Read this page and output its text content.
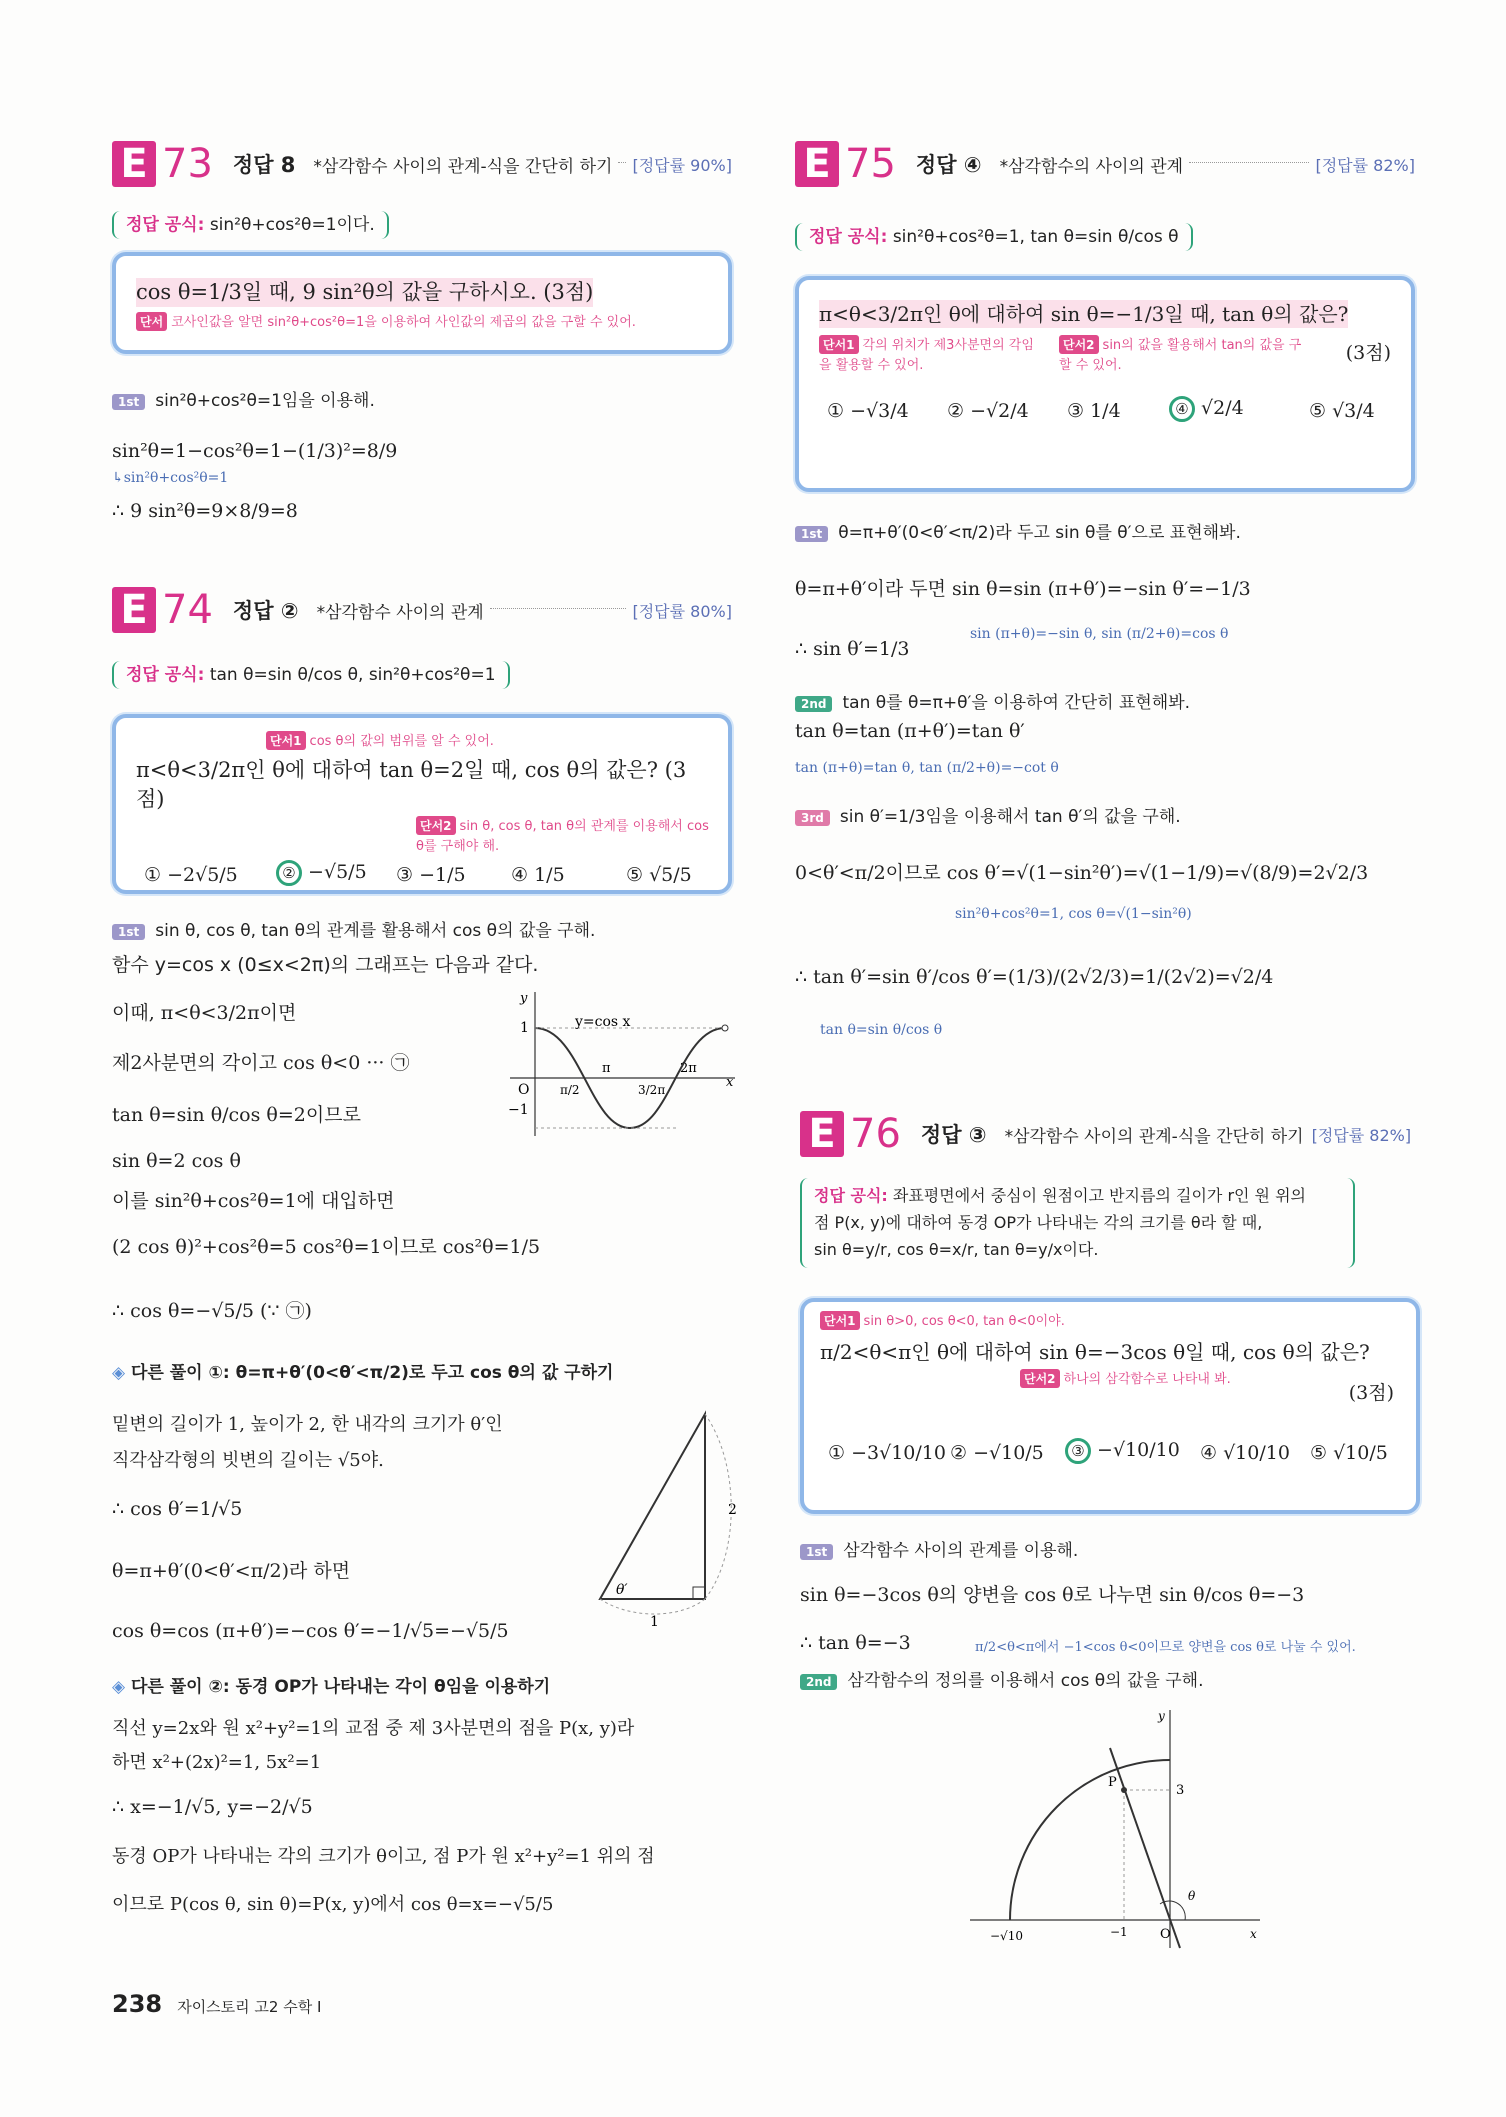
E 73 정답 8 *삼각함수 사이의 관계-식을 간단히 하기 [정답률 90%]
정답 공식: sin²θ+cos²θ=1이다.
cos θ=1/3일 때, 9 sin²θ의 값을 구하시오. (3점)
단서 코사인값을 알면 sin²θ+cos²θ=1을 이용하여 사인값의 제곱의 값을 구할 수 있어.
1st sin²θ+cos²θ=1임을 이용해.
sin²θ=1−cos²θ=1−(1/3)²=8/9
↳sin²θ+cos²θ=1
∴ 9 sin²θ=9×8/9=8
E 74 정답 ② *삼각함수 사이의 관계	[정답률 80%]
정답 공식: tan θ=sin θ/cos θ, sin²θ+cos²θ=1
단서1 cos θ의 값의 범위를 알 수 있어.
π<θ<3/2π인 θ에 대하여 tan θ=2일 때, cos θ의 값은? (3점)
단서2 sin θ, cos θ, tan θ의 관계를 이용해서 cos θ를 구해야 해.
① −2√5/5	② −√5/5 ③ −1/5 ④ 1/5	⑤ √5/5
1st sin θ, cos θ, tan θ의 관계를 활용해서 cos θ의 값을 구해.
함수 y=cos x (0≤x<2π)의 그래프는 다음과 같다.
이때, π<θ<3/2π이면
제2사분면의 각이고 cos θ<0 ··· ㉠
tan θ=sin θ/cos θ=2이므로
sin θ=2 cos θ
이를 sin²θ+cos²θ=1에 대입하면
(2 cos θ)²+cos²θ=5 cos²θ=1이므로 cos²θ=1/5
∴ cos θ=−√5/5 (∵ ㉠)
y
x
y=cos x
O
1
−1
π/2
π
3/2π
2π
◈ 다른 풀이 ①: θ=π+θ′(0<θ′<π/2)로 두고 cos θ의 값 구하기
밑변의 길이가 1, 높이가 2, 한 내각의 크기가 θ′인
직각삼각형의 빗변의 길이는 √5야.
∴ cos θ′=1/√5
θ=π+θ′(0<θ′<π/2)라 하면
cos θ=cos (π+θ′)=−cos θ′=−1/√5=−√5/5
2
1
θ′
◈ 다른 풀이 ②: 동경 OP가 나타내는 각이 θ임을 이용하기
직선 y=2x와 원 x²+y²=1의 교점 중 제 3사분면의 점을 P(x, y)라
하면 x²+(2x)²=1, 5x²=1
∴ x=−1/√5, y=−2/√5
동경 OP가 나타내는 각의 크기가 θ이고, 점 P가 원 x²+y²=1 위의 점
이므로 P(cos θ, sin θ)=P(x, y)에서 cos θ=x=−√5/5
E 75 정답 ④ *삼각함수의 사이의 관계	[정답률 82%]
정답 공식: sin²θ+cos²θ=1, tan θ=sin θ/cos θ
π<θ<3/2π인 θ에 대하여 sin θ=−1/3일 때, tan θ의 값은?
단서1 각의 위치가 제3사분면의 각임을 활용할 수 있어.
단서2 sin의 값을 활용해서 tan의 값을 구할 수 있어.
(3점)
① −√3/4 ② −√2/4 ③ 1/4	④ √2/4	⑤ √3/4
1st θ=π+θ′(0<θ′<π/2)라 두고 sin θ를 θ′으로 표현해봐.
θ=π+θ′이라 두면 sin θ=sin (π+θ′)=−sin θ′=−1/3
sin (π+θ)=−sin θ, sin (π/2+θ)=cos θ
∴ sin θ′=1/3
2nd tan θ를 θ=π+θ′을 이용하여 간단히 표현해봐.
tan θ=tan (π+θ′)=tan θ′
tan (π+θ)=tan θ, tan (π/2+θ)=−cot θ
3rd sin θ′=1/3임을 이용해서 tan θ′의 값을 구해.
0<θ′<π/2이므로 cos θ′=√(1−sin²θ′)=√(1−1/9)=√(8/9)=2√2/3
sin²θ+cos²θ=1, cos θ=√(1−sin²θ)
∴ tan θ′=sin θ′/cos θ′=(1/3)/(2√2/3)=1/(2√2)=√2/4
tan θ=sin θ/cos θ
E 76 정답 ③ *삼각함수 사이의 관계-식을 간단히 하기 [정답률 82%]
정답 공식: 좌표평면에서 중심이 원점이고 반지름의 길이가 r인 원 위의
점 P(x, y)에 대하여 동경 OP가 나타내는 각의 크기를 θ라 할 때,
sin θ=y/r, cos θ=x/r, tan θ=y/x이다.
단서1 sin θ>0, cos θ<0, tan θ<0이야.
π/2<θ<π인 θ에 대하여 sin θ=−3cos θ일 때, cos θ의 값은?
단서2 하나의 삼각함수로 나타내 봐.
(3점)
① −3√10/10 ② −√10/5	③ −√10/10 ④ √10/10 ⑤ √10/5
1st 삼각함수 사이의 관계를 이용해.
sin θ=−3cos θ의 양변을 cos θ로 나누면 sin θ/cos θ=−3
∴ tan θ=−3	π/2<θ<π에서 −1<cos θ<0이므로 양변을 cos θ로 나눌 수 있어.
2nd 삼각함수의 정의를 이용해서 cos θ의 값을 구해.
y
x
P
3
θ
−√10	−1 O
238 자이스토리 고2 수학 Ⅰ
